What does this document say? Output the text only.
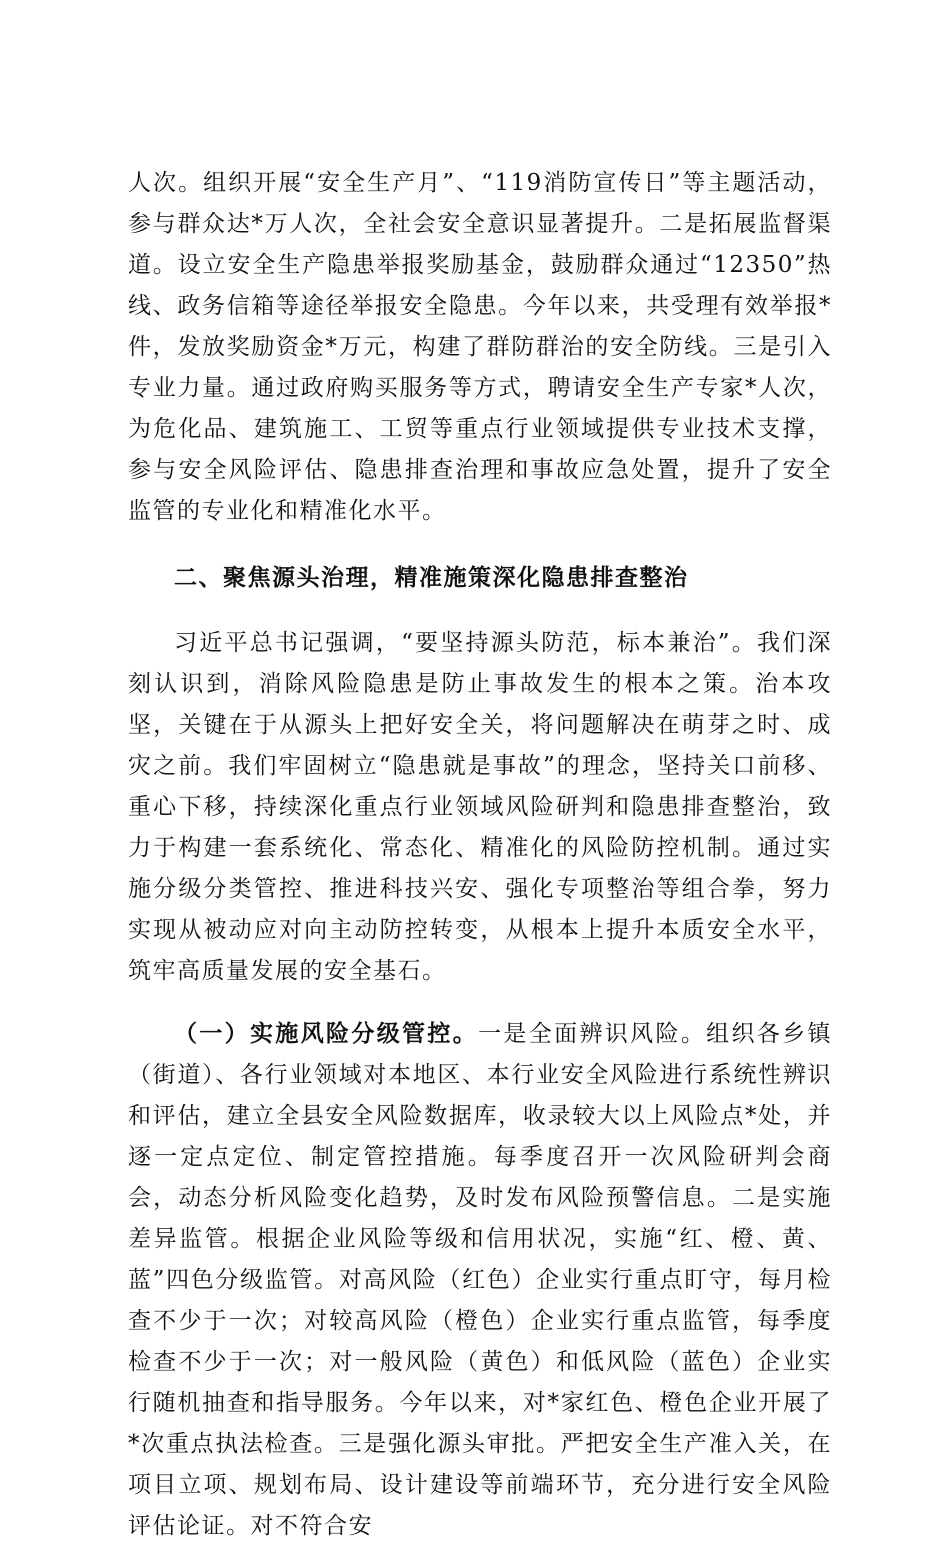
人次。组织开展“安全生产月”、“119消防宣传日”等主题活动，参与群众达*万人次，全社会安全意识显著提升。二是拓展监督渠道。设立安全生产隐患举报奖励基金，鼓励群众通过“12350”热线、政务信箱等途径举报安全隐患。今年以来，共受理有效举报*件，发放奖励资金*万元，构建了群防群治的安全防线。三是引入专业力量。通过政府购买服务等方式，聘请安全生产专家*人次，为危化品、建筑施工、工贸等重点行业领域提供专业技术支撑，参与安全风险评估、隐患排查治理和事故应急处置，提升了安全监管的专业化和精准化水平。

二、聚焦源头治理，精准施策深化隐患排查整治

习近平总书记强调，“要坚持源头防范，标本兼治”。我们深刻认识到，消除风险隐患是防止事故发生的根本之策。治本攻坚，关键在于从源头上把好安全关，将问题解决在萌芽之时、成灾之前。我们牢固树立“隐患就是事故”的理念，坚持关口前移、重心下移，持续深化重点行业领域风险研判和隐患排查整治，致力于构建一套系统化、常态化、精准化的风险防控机制。通过实施分级分类管控、推进科技兴安、强化专项整治等组合拳，努力实现从被动应对向主动防控转变，从根本上提升本质安全水平，筑牢高质量发展的安全基石。

（一）实施风险分级管控。一是全面辨识风险。组织各乡镇（街道）、各行业领域对本地区、本行业安全风险进行系统性辨识和评估，建立全县安全风险数据库，收录较大以上风险点*处，并逐一定点定位、制定管控措施。每季度召开一次风险研判会商会，动态分析风险变化趋势，及时发布风险预警信息。二是实施差异监管。根据企业风险等级和信用状况，实施“红、橙、黄、蓝”四色分级监管。对高风险（红色）企业实行重点盯守，每月检查不少于一次；对较高风险（橙色）企业实行重点监管，每季度检查不少于一次；对一般风险（黄色）和低风险（蓝色）企业实行随机抽查和指导服务。今年以来，对*家红色、橙色企业开展了*次重点执法检查。三是强化源头审批。严把安全生产准入关，在项目立项、规划布局、设计建设等前端环节，充分进行安全风险评估论证。对不符合安
